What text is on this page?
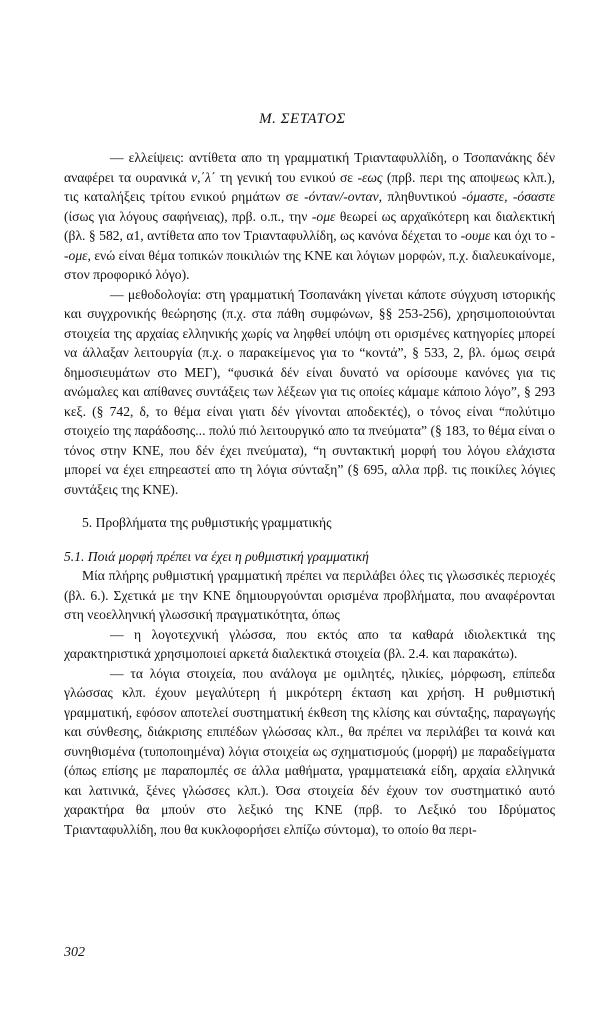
Μ. ΣΕΤΑΤΟΣ

— ελλείψεις: αντίθετα απο τη γραμματική Τριανταφυλλίδη, ο Τσοπανάκης δέν αναφέρει τα ουρανικά ν,΄λ΄ τη γενική του ενικού σε -εως (πρβ. περι της αποψεως κλπ.), τις καταλήξεις τρίτου ενικού ρημάτων σε -όνταν/-ονταν, πληθυντικού -όμαστε, -όσαστε (ίσως για λόγους σαφήνειας), πρβ. ο.π., την -ομε θεωρεί ως αρχαϊκότερη και διαλεκτική (βλ. § 582, α1, αντίθετα απο τον Τριανταφυλλίδη, ως κανόνα δέχεται το -ουμε και όχι το --ομε, ενώ είναι θέμα τοπικών ποικιλιών της ΚΝΕ και λόγιων μορφών, π.χ. διαλευκαίνομε, στον προφορικό λόγο).

— μεθοδολογία: στη γραμματική Τσοπανάκη γίνεται κάποτε σύγχυση ιστορικής και συγχρονικής θεώρησης (π.χ. στα πάθη συμφώνων, §§ 253-256), χρησιμοποιούνται στοιχεία της αρχαίας ελληνικής χωρίς να ληφθεί υπόψη οτι ορισμένες κατηγορίες μπορεί να άλλαξαν λειτουργία (π.χ. ο παρακείμενος για το “κοντά”, § 533, 2, βλ. όμως σειρά δημοσιευμάτων στο ΜΕΓ), “φυσικά δέν είναι δυνατό να ορίσουμε κανόνες για τις ανώμαλες και απίθανες συντάξεις των λέξεων για τις οποίες κάμαμε κάποιο λόγο”, § 293 κεξ. (§ 742, δ, το θέμα είναι γιατι δέν γίνονται αποδεκτές), ο τόνος είναι “πολύτιμο στοιχείο της παράδοσης... πολύ πιό λειτουργικό απο τα πνεύματα” (§ 183, το θέμα είναι ο τόνος στην ΚΝΕ, που δέν έχει πνεύματα), “η συντακτική μορφή του λόγου ελάχιστα μπορεί να έχει επηρεαστεί απο τη λόγια σύνταξη” (§ 695, αλλα πρβ. τις ποικίλες λόγιες συντάξεις της ΚΝΕ).

5. Προβλήματα της ρυθμιστικής γραμματικής

5.1. Ποιά μορφή πρέπει να έχει η ρυθμιστική γραμματική

Μία πλήρης ρυθμιστική γραμματική πρέπει να περιλάβει όλες τις γλωσσικές περιοχές (βλ. 6.). Σχετικά με την ΚΝΕ δημιουργούνται ορισμένα προβλήματα, που αναφέρονται στη νεοελληνική γλωσσική πραγματικότητα, όπως

— η λογοτεχνική γλώσσα, που εκτός απο τα καθαρά ιδιολεκτικά της χαρακτηριστικά χρησιμοποιεί αρκετά διαλεκτικά στοιχεία (βλ. 2.4. και παρακάτω).

— τα λόγια στοιχεία, που ανάλογα με ομιλητές, ηλικίες, μόρφωση, επίπεδα γλώσσας κλπ. έχουν μεγαλύτερη ή μικρότερη έκταση και χρήση. Η ρυθμιστική γραμματική, εφόσον αποτελεί συστηματική έκθεση της κλίσης και σύνταξης, παραγωγής και σύνθεσης, διάκρισης επιπέδων γλώσσας κλπ., θα πρέπει να περιλάβει τα κοινά και συνηθισμένα (τυποποιημένα) λόγια στοιχεία ως σχηματισμούς (μορφή) με παραδείγματα (όπως επίσης με παραπομπές σε άλλα μαθήματα, γραμματειακά είδη, αρχαία ελληνικά και λατινικά, ξένες γλώσσες κλπ.). Όσα στοιχεία δέν έχουν τον συστηματικό αυτό χαρακτήρα θα μπούν στο λεξικό της ΚΝΕ (πρβ. το Λεξικό του Ιδρύματος Τριανταφυλλίδη, που θα κυκλοφορήσει ελπίζω σύντομα), το οποίο θα περι-

302
